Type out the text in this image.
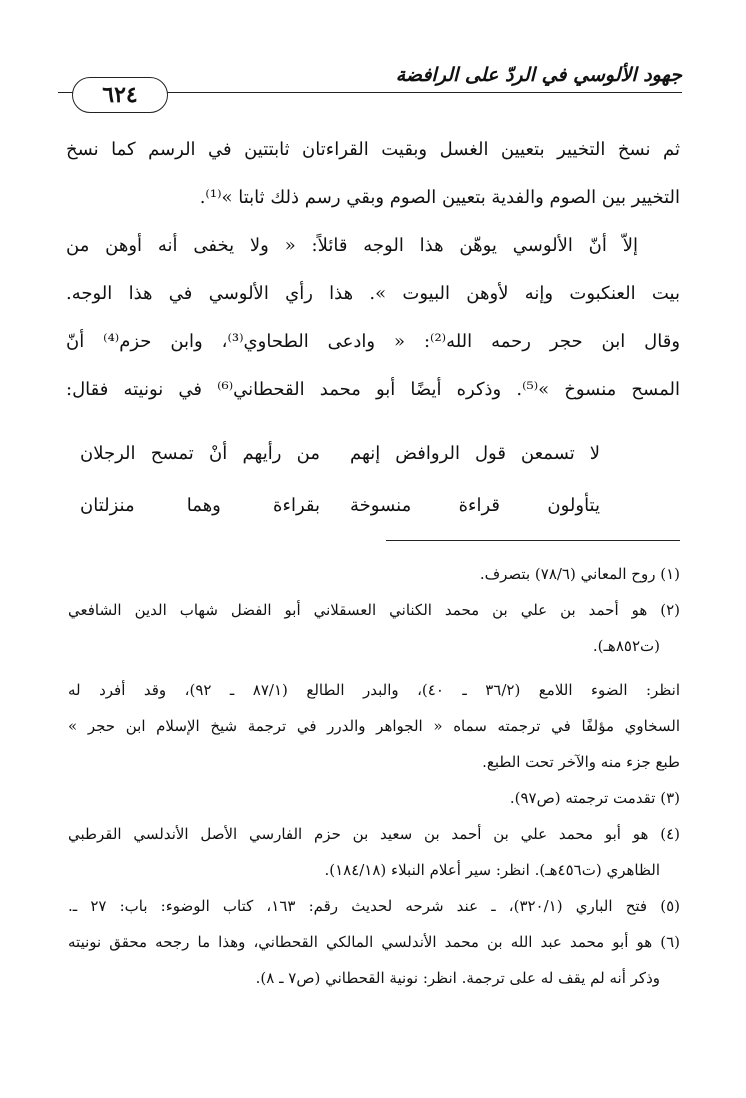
جهود الألوسي في الردّ على الرافضة
٦٢٤

ثم نسخ التخيير بتعيين الغسل وبقيت القراءتان ثابتتين في الرسم كما نسخ

التخيير بين الصوم والفدية بتعيين الصوم وبقي رسم ذلك ثابتا »⁽¹⁾.

إلاّ أنّ الألوسي يوهّن هذا الوجه قائلاً: « ولا يخفى أنه أوهن من

بيت العنكبوت وإنه لأوهن البيوت ». هذا رأي الألوسي في هذا الوجه.

وقال ابن حجر رحمه الله⁽²⁾: « وادعى الطحاوي⁽³⁾، وابن حزم⁽⁴⁾ أنّ

المسح منسوخ »⁽⁵⁾. وذكره أيضًا أبو محمد القحطاني⁽⁶⁾ في نونيته فقال:

لا تسمعن قول الروافض إنهم
من رأيهم أنْ تمسح الرجلان
يتأولون قراءة منسوخة
بقراءة وهما منزلتان

(١) روح المعاني (٧٨/٦) بتصرف.

(٢) هو أحمد بن علي بن محمد الكناني العسقلاني أبو الفضل شهاب الدين الشافعي

(ت٨٥٢هـ).

انظر: الضوء اللامع (٣٦/٢ ـ ٤٠)، والبدر الطالع (٨٧/١ ـ ٩٢)، وقد أفرد له

السخاوي مؤلفًا في ترجمته سماه « الجواهر والدرر في ترجمة شيخ الإسلام ابن حجر »

طبع جزء منه والآخر تحت الطبع.

(٣) تقدمت ترجمته (ص٩٧).

(٤) هو أبو محمد علي بن أحمد بن سعيد بن حزم الفارسي الأصل الأندلسي القرطبي

الظاهري (ت٤٥٦هـ). انظر: سير أعلام النبلاء (١٨٤/١٨).

(٥) فتح الباري (٣٢٠/١)، ـ عند شرحه لحديث رقم: ١٦٣، كتاب الوضوء: باب: ٢٧ ـ.

(٦) هو أبو محمد عبد الله بن محمد الأندلسي المالكي القحطاني، وهذا ما رجحه محقق نونيته

وذكر أنه لم يقف له على ترجمة. انظر: نونية القحطاني (ص٧ ـ ٨).
